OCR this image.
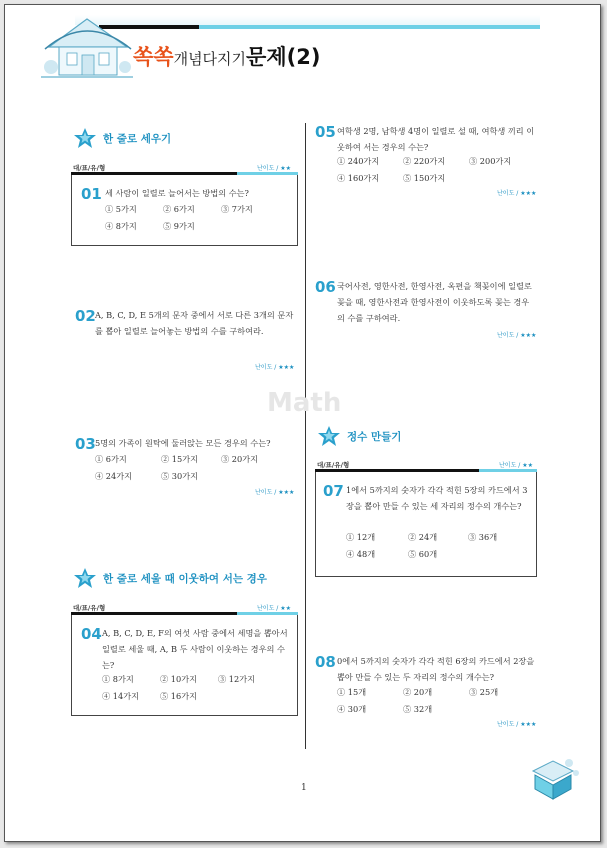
쏙쏙개념다지기문제(2)
Math
한 줄로 세우기
대/표/유/형	난이도 / ★★
01 세 사람이 일렬로 늘어서는 방법의 수는?
① 5가지	② 6가지	③ 7가지
④ 8가지	⑤ 9가지
02 A, B, C, D, E 5개의 문자 중에서 서로 다른 3개의 문자를 뽑아 일렬로 늘어놓는 방법의 수를 구하여라.
난이도 / ★★★
03 5명의 가족이 원탁에 둘러앉는 모든 경우의 수는?
① 6가지	② 15가지	③ 20가지
④ 24가지	⑤ 30가지
난이도 / ★★★
한 줄로 세울 때 이웃하여 서는 경우
대/표/유/형	난이도 / ★★
04 A, B, C, D, E, F의 여섯 사람 중에서 세명을 뽑아서 일렬로 세울 때, A, B 두 사람이 이웃하는 경우의 수는?
① 8가지	② 10가지	③ 12가지
④ 14가지	⑤ 16가지
05 여학생 2명, 남학생 4명이 일렬로 설 때, 여학생 끼리 이웃하여 서는 경우의 수는?
① 240가지	② 220가지	③ 200가지
④ 160가지	⑤ 150가지
난이도 / ★★★
06 국어사전, 영한사전, 한영사전, 옥편을 책꽂이에 일렬로 꽂을 때, 영한사전과 한영사전이 이웃하도록 꽂는 경우의 수를 구하여라.
난이도 / ★★★
정수 만들기
대/표/유/형	난이도 / ★★
07 1에서 5까지의 숫자가 각각 적힌 5장의 카드에서 3장을 뽑아 만들 수 있는 세 자리의 정수의 개수는?
① 12개	② 24개	③ 36개
④ 48개	⑤ 60개
08 0에서 5까지의 숫자가 각각 적힌 6장의 카드에서 2장을 뽑아 만들 수 있는 두 자리의 정수의 개수는?
① 15개	② 20개	③ 25개
④ 30개	⑤ 32개
난이도 / ★★★
1
